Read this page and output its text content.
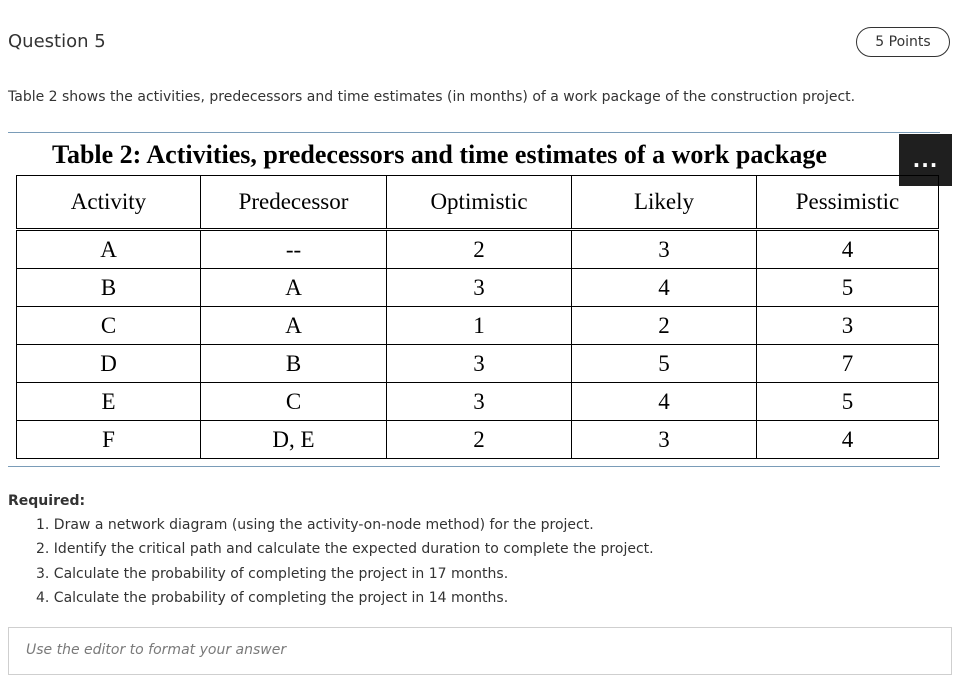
Question 5	5 Points

Table 2 shows the activities, predecessors and time estimates (in months) of a work package of the construction project.

Table 2: Activities, predecessors and time estimates of a work package	...
Activity	Predecessor	Optimistic	Likely	Pessimistic
A	--	2	3	4
B	A	3	4	5
C	A	1	2	3
D	B	3	5	7
E	C	3	4	5
F	D, E	2	3	4

Required:

1. Draw a network diagram (using the activity-on-node method) for the project.
2. Identify the critical path and calculate the expected duration to complete the project.
3. Calculate the probability of completing the project in 17 months.
4. Calculate the probability of completing the project in 14 months.
Use the editor to format your answer
